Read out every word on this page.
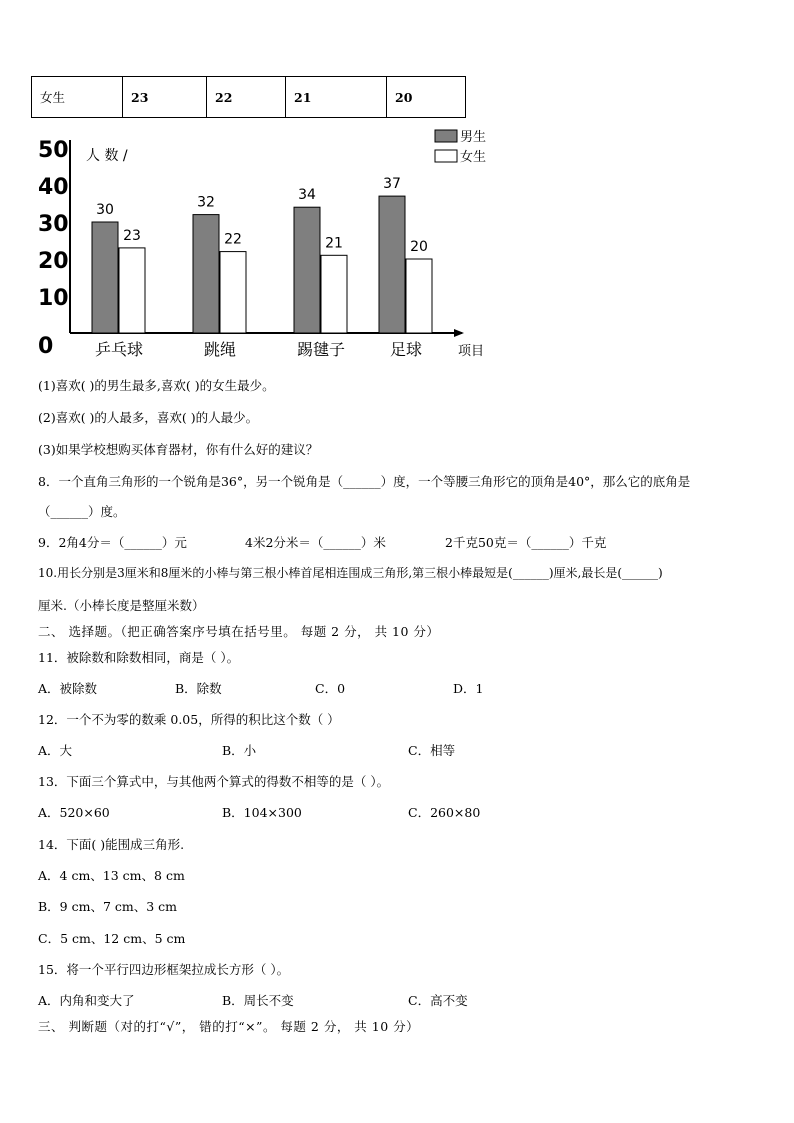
女生	23	22	21	20
0
10
20
30
40
50 人 数 /
30
23
乒乓球
32
22
跳绳
34
21
踢毽子
37
20
足球	项目
男生
女生
(1)喜欢( )的男生最多,喜欢( )的女生最少。
(2)喜欢( )的人最多，喜欢( )的人最少。
(3)如果学校想购买体育器材，你有什么好的建议？
8．一个直角三角形的一个锐角是36°，另一个锐角是（______）度，一个等腰三角形它的顶角是40°，那么它的底角是
（______）度。
9．2角4分＝（______）元	4米2分米＝（______）米	2千克50克＝（______）千克
10.用长分别是3厘米和8厘米的小棒与第三根小棒首尾相连围成三角形,第三根小棒最短是(______)厘米,最长是(______)
厘米.（小棒长度是整厘米数）
二、 选择题。（把正确答案序号填在括号里。 每题 2 分， 共 10 分）
11．被除数和除数相同，商是（ ）。
A．被除数	B．除数	C．0	D．1
12．一个不为零的数乘 0.05，所得的积比这个数（ ）
A．大	B．小	C．相等
13．下面三个算式中，与其他两个算式的得数不相等的是（ ）。
A．520×60	B．104×300	C．260×80
14．下面( )能围成三角形.
A．4 cm、13 cm、8 cm
B．9 cm、7 cm、3 cm
C．5 cm、12 cm、5 cm
15．将一个平行四边形框架拉成长方形（ ）。
A．内角和变大了	B．周长不变	C．高不变
三、 判断题（对的打“√”， 错的打“×”。 每题 2 分， 共 10 分）
